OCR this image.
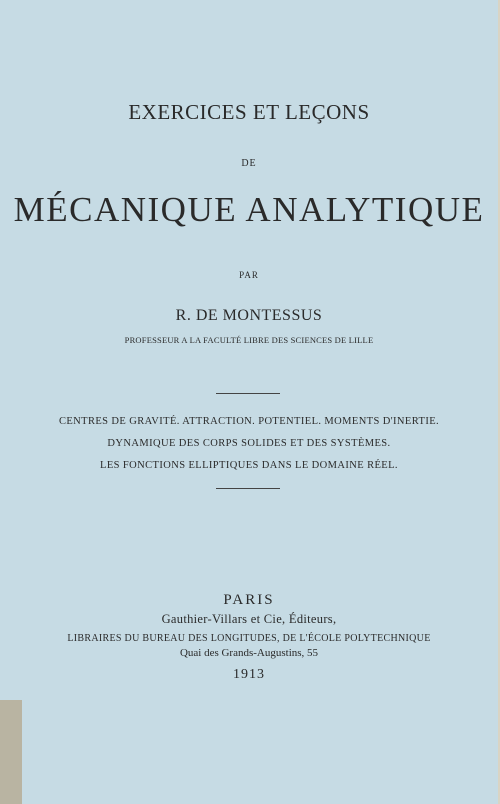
EXERCICES ET LEÇONS
DE
MÉCANIQUE ANALYTIQUE
PAR
R. DE MONTESSUS
PROFESSEUR A LA FACULTÉ LIBRE DES SCIENCES DE LILLE
CENTRES DE GRAVITÉ. ATTRACTION. POTENTIEL. MOMENTS D'INERTIE.
DYNAMIQUE DES CORPS SOLIDES ET DES SYSTÈMES.
LES FONCTIONS ELLIPTIQUES DANS LE DOMAINE RÉEL.
PARIS
Gauthier-Villars et Cie, Éditeurs,
LIBRAIRES DU BUREAU DES LONGITUDES, DE L'ÉCOLE POLYTECHNIQUE
Quai des Grands-Augustins, 55
1913
